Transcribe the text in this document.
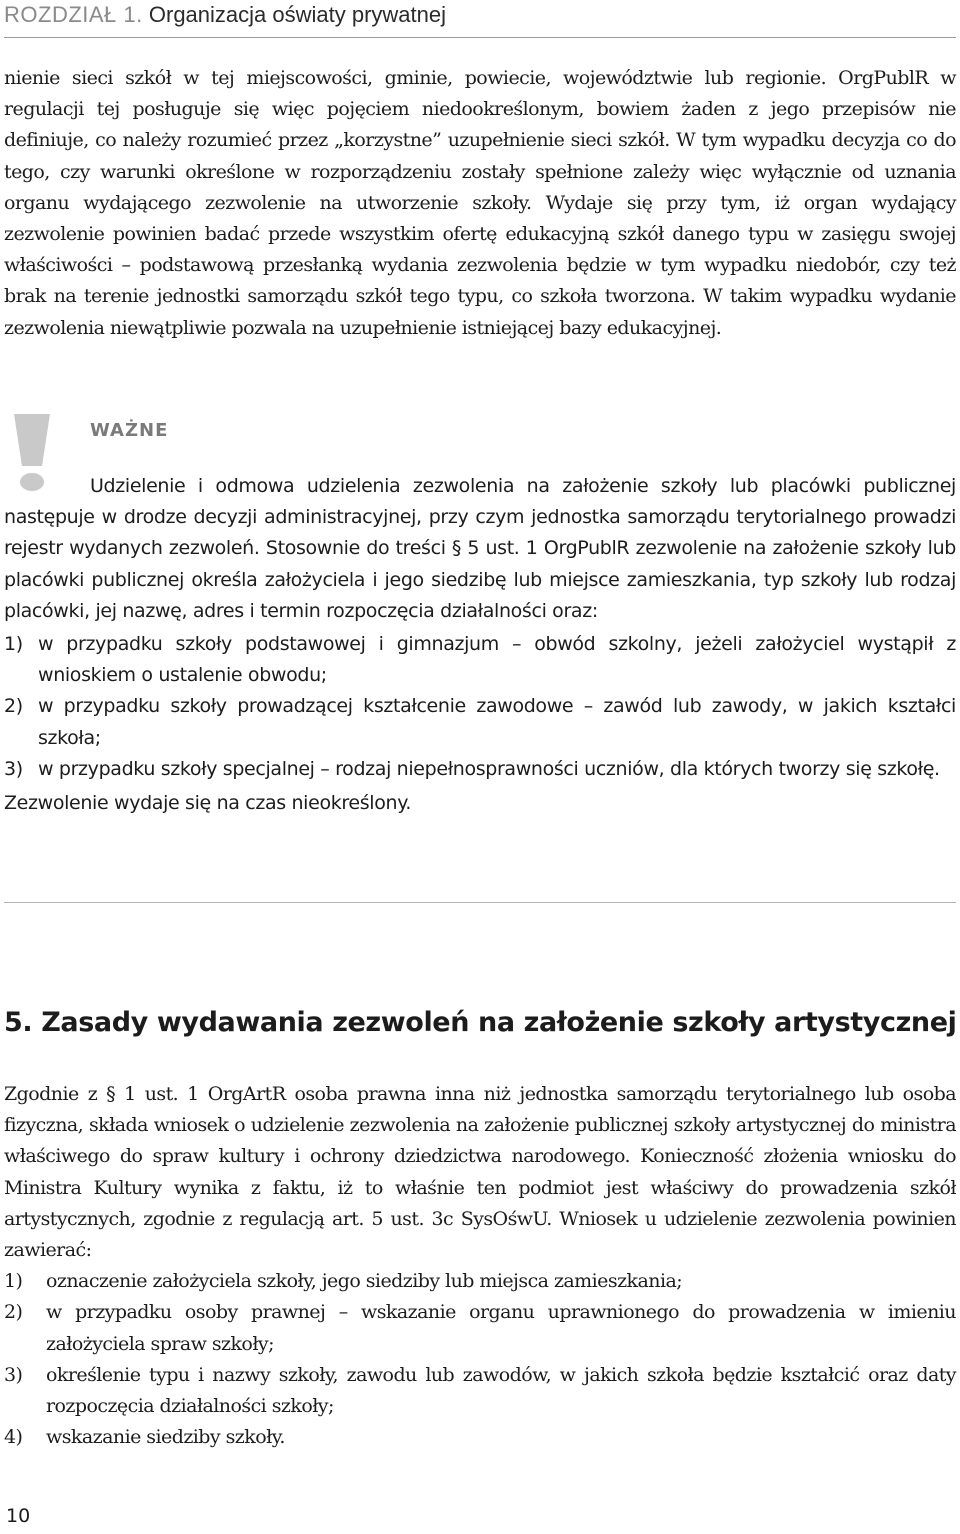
ROZDZIAŁ 1. Organizacja oświaty prywatnej

nienie sieci szkół w tej miejscowości, gminie, powiecie, województwie lub regionie. OrgPublR w regulacji tej posługuje się więc pojęciem niedookreślonym, bowiem żaden z jego przepisów nie definiuje, co należy rozumieć przez „korzystne” uzupełnienie sieci szkół. W tym wypadku decyzja co do tego, czy warunki określone w rozporządzeniu zostały spełnione zależy więc wyłącznie od uznania organu wydającego zezwolenie na utworzenie szkoły. Wydaje się przy tym, iż organ wydający zezwolenie powinien badać przede wszystkim ofertę edukacyjną szkół danego typu w zasięgu swojej właściwości – podstawową przesłanką wydania zezwolenia będzie w tym wypadku niedobór, czy też brak na terenie jednostki samorządu szkół tego typu, co szkoła tworzona. W takim wypadku wydanie zezwolenia niewątpliwie pozwala na uzupełnienie istniejącej bazy edukacyjnej.

WAŻNE

Udzielenie i odmowa udzielenia zezwolenia na założenie szkoły lub placówki publicznej następuje w drodze decyzji administracyjnej, przy czym jednostka samorządu terytorialnego prowadzi rejestr wydanych zezwoleń. Stosownie do treści § 5 ust. 1 OrgPublR zezwolenie na założenie szkoły lub placówki publicznej określa założyciela i jego siedzibę lub miejsce zamieszkania, typ szkoły lub rodzaj placówki, jej nazwę, adres i termin rozpoczęcia działalności oraz:

1) w przypadku szkoły podstawowej i gimnazjum – obwód szkolny, jeżeli założyciel wystąpił z wnioskiem o ustalenie obwodu;
2) w przypadku szkoły prowadzącej kształcenie zawodowe – zawód lub zawody, w jakich kształci szkoła;
3) w przypadku szkoły specjalnej – rodzaj niepełnosprawności uczniów, dla których tworzy się szkołę.

Zezwolenie wydaje się na czas nieokreślony.

5. Zasady wydawania zezwoleń na założenie szkoły artystycznej

Zgodnie z § 1 ust. 1 OrgArtR osoba prawna inna niż jednostka samorządu terytorialnego lub osoba fizyczna, składa wniosek o udzielenie zezwolenia na założenie publicznej szkoły artystycznej do ministra właściwego do spraw kultury i ochrony dziedzictwa narodowego. Konieczność złożenia wniosku do Ministra Kultury wynika z faktu, iż to właśnie ten podmiot jest właściwy do prowadzenia szkół artystycznych, zgodnie z regulacją art. 5 ust. 3c SysOśwU. Wniosek u udzielenie zezwolenia powinien zawierać:

1) oznaczenie założyciela szkoły, jego siedziby lub miejsca zamieszkania;
2) w przypadku osoby prawnej – wskazanie organu uprawnionego do prowadzenia w imieniu założyciela spraw szkoły;
3) określenie typu i nazwy szkoły, zawodu lub zawodów, w jakich szkoła będzie kształcić oraz daty rozpoczęcia działalności szkoły;
4) wskazanie siedziby szkoły.
10
